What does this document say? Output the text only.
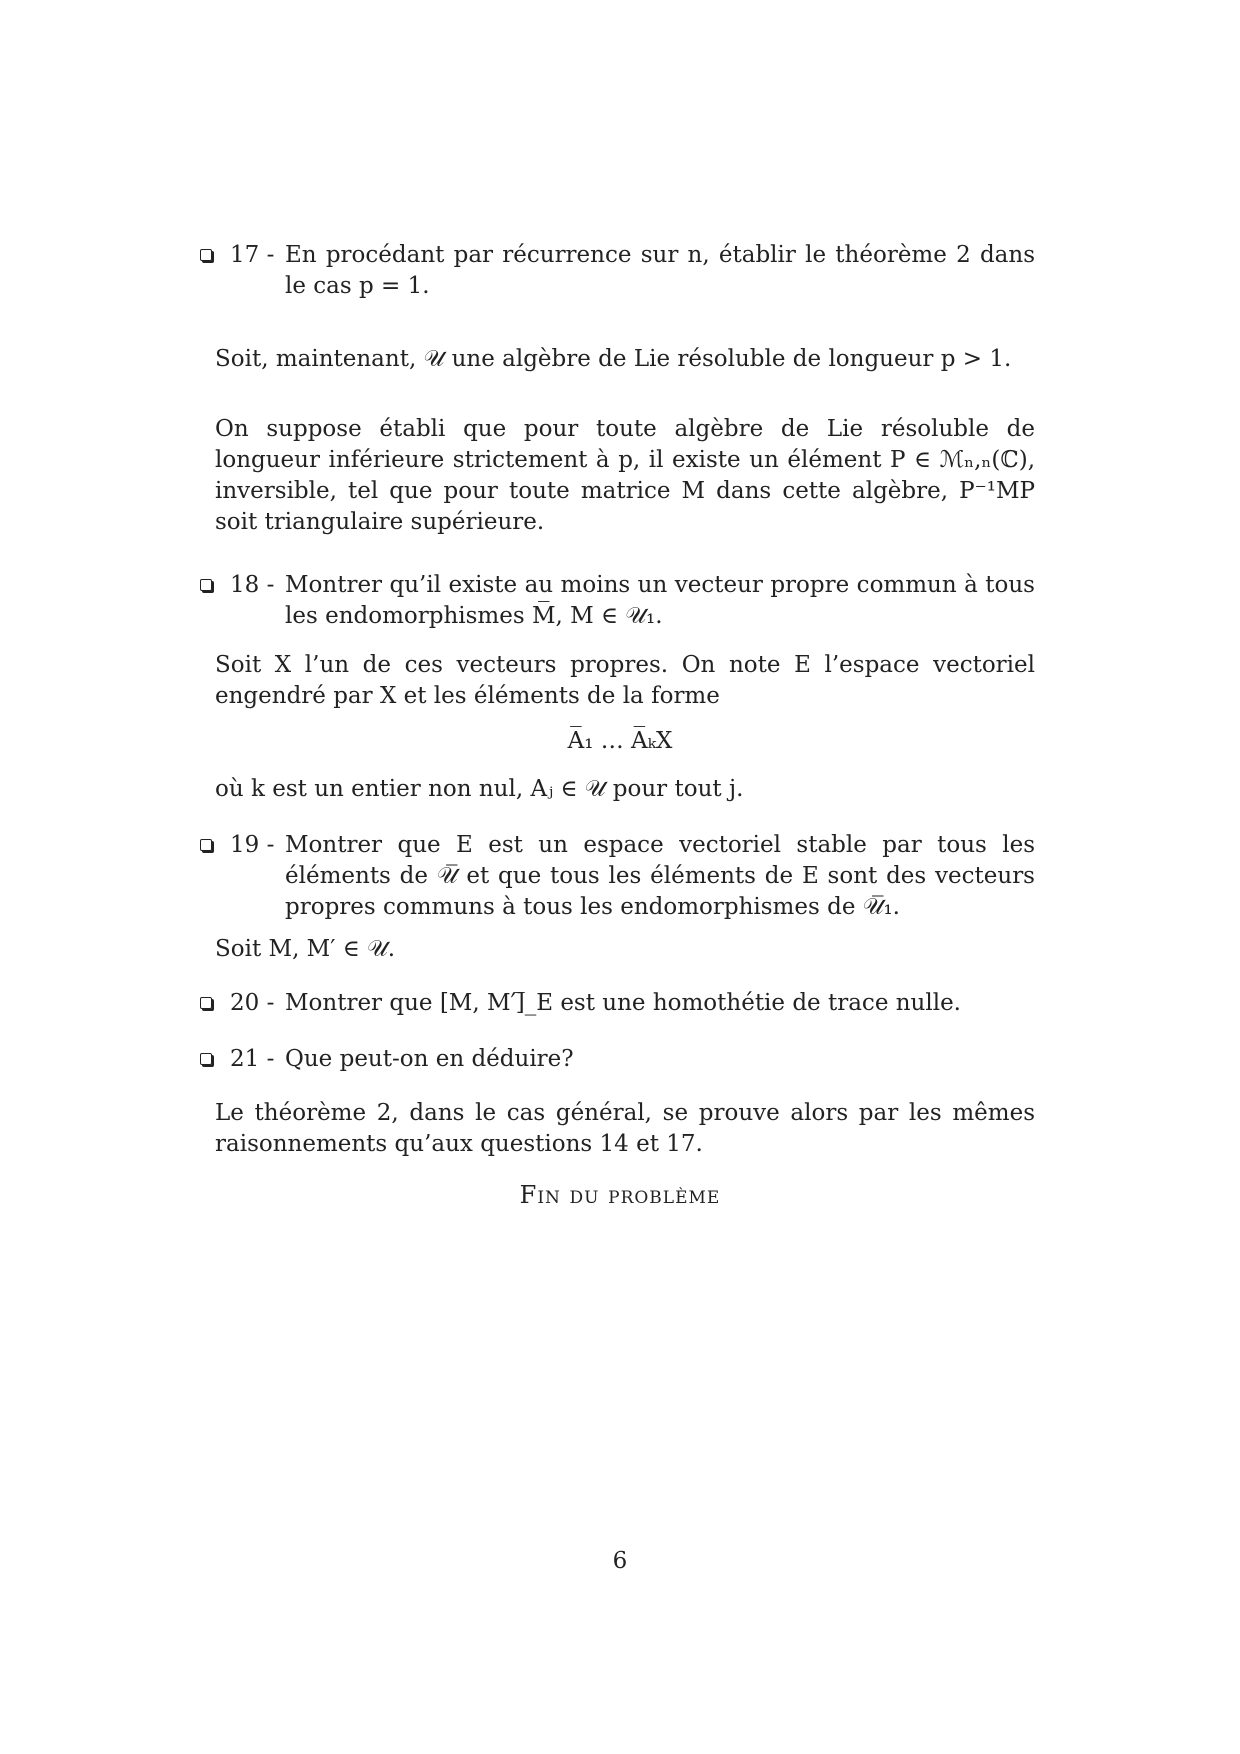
17 - En procédant par récurrence sur n, établir le théorème 2 dans le cas p = 1.
Soit, maintenant, 𝒰 une algèbre de Lie résoluble de longueur p > 1.
On suppose établi que pour toute algèbre de Lie résoluble de longueur inférieure strictement à p, il existe un élément P ∈ ℳₙ,ₙ(ℂ), inversible, tel que pour toute matrice M dans cette algèbre, P⁻¹MP soit triangulaire supérieure.
18 - Montrer qu’il existe au moins un vecteur propre commun à tous les endomorphismes M̅, M ∈ 𝒰₁.
Soit X l’un de ces vecteurs propres. On note E l’espace vectoriel engendré par X et les éléments de la forme
A̅₁ … A̅ₖX
où k est un entier non nul, Aⱼ ∈ 𝒰 pour tout j.
19 - Montrer que E est un espace vectoriel stable par tous les éléments de 𝒰̅ et que tous les éléments de E sont des vecteurs propres communs à tous les endomorphismes de 𝒰̅₁.
Soit M, M′ ∈ 𝒰.
20 - Montrer que [M, M′]̅_E est une homothétie de trace nulle.
21 - Que peut-on en déduire?
Le théorème 2, dans le cas général, se prouve alors par les mêmes raisonnements qu’aux questions 14 et 17.
Fin du problème
6
